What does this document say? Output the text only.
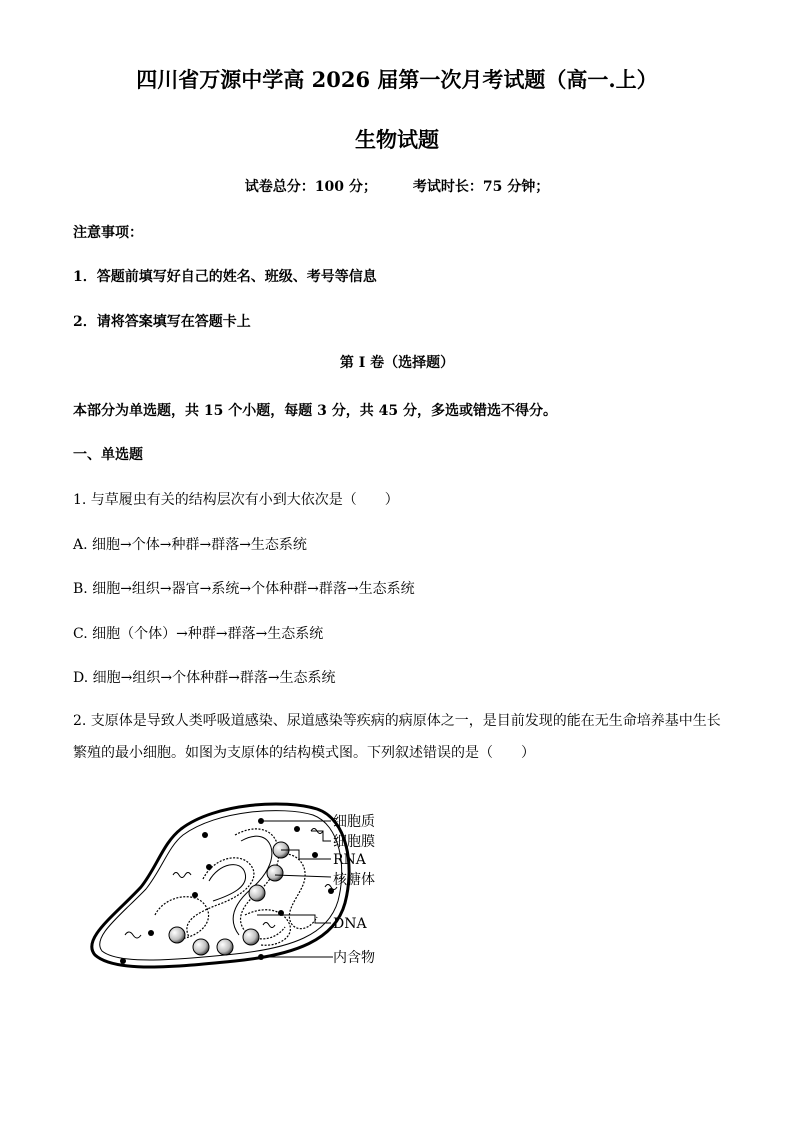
四川省万源中学高 2026 届第一次月考试题（高一.上）
生物试题
试卷总分：100 分；	考试时长：75 分钟；
注意事项：
1．答题前填写好自己的姓名、班级、考号等信息
2．请将答案填写在答题卡上
第 I 卷（选择题）
本部分为单选题，共 15 个小题，每题 3 分，共 45 分，多选或错选不得分。
一、单选题
1. 与草履虫有关的结构层次有小到大依次是（　　）
A. 细胞→个体→种群→群落→生态系统
B. 细胞→组织→器官→系统→个体种群→群落→生态系统
C. 细胞（个体）→种群→群落→生态系统
D. 细胞→组织→个体种群→群落→生态系统
2. 支原体是导致人类呼吸道感染、尿道感染等疾病的病原体之一，是目前发现的能在无生命培养基中生长繁殖的最小细胞。如图为支原体的结构模式图。下列叙述错误的是（　　）
细胞质
细胞膜
RNA
核糖体
DNA
内含物
